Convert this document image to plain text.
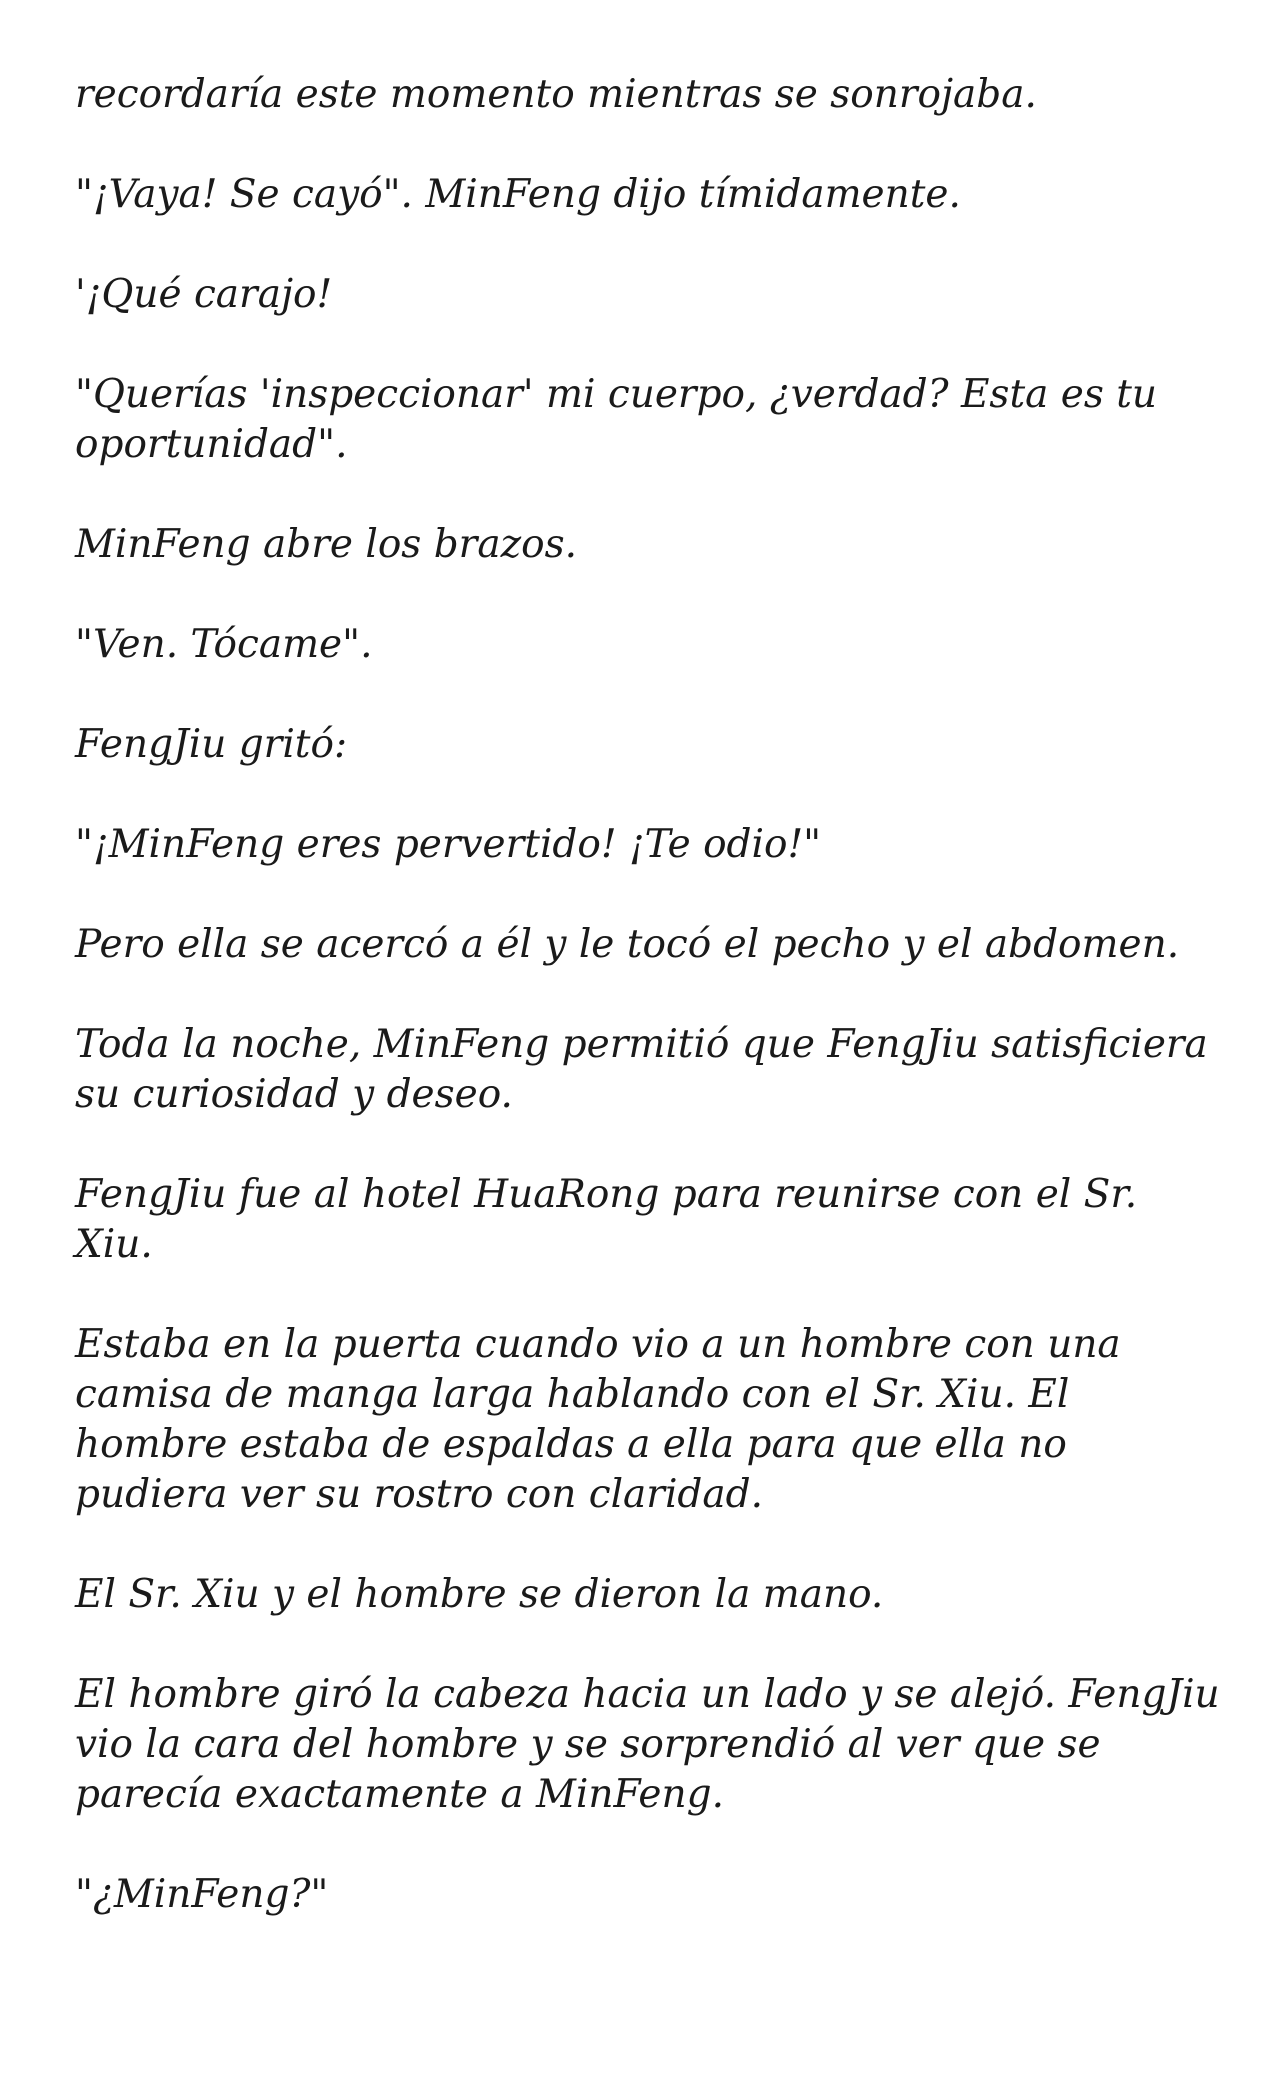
recordaría este momento mientras se sonrojaba.

"¡Vaya! Se cayó". MinFeng dijo tímidamente.

'¡Qué carajo!

"Querías 'inspeccionar' mi cuerpo, ¿verdad? Esta es tu oportunidad".

MinFeng abre los brazos.

"Ven. Tócame".

FengJiu gritó:

"¡MinFeng eres pervertido! ¡Te odio!"

Pero ella se acercó a él y le tocó el pecho y el abdomen.

Toda la noche, MinFeng permitió que FengJiu satisficiera su curiosidad y deseo.

FengJiu fue al hotel HuaRong para reunirse con el Sr. Xiu.

Estaba en la puerta cuando vio a un hombre con una camisa de manga larga hablando con el Sr. Xiu. El hombre estaba de espaldas a ella para que ella no pudiera ver su rostro con claridad.

El Sr. Xiu y el hombre se dieron la mano.

El hombre giró la cabeza hacia un lado y se alejó. FengJiu vio la cara del hombre y se sorprendió al ver que se parecía exactamente a MinFeng.

"¿MinFeng?"
